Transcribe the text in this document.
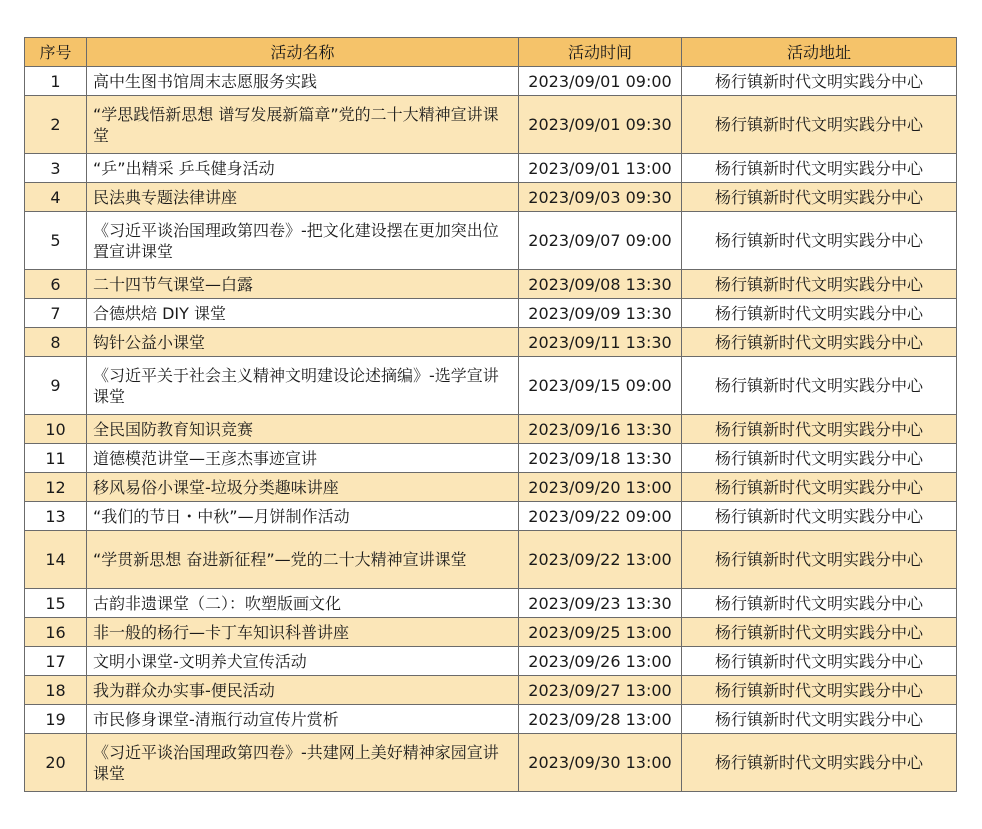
序号	活动名称	活动时间	活动地址
1	高中生图书馆周末志愿服务实践	2023/09/01 09:00	杨行镇新时代文明实践分中心
2	“学思践悟新思想 谱写发展新篇章”党的二十大精神宣讲课堂	2023/09/01 09:30	杨行镇新时代文明实践分中心
3	“乒”出精采 乒乓健身活动	2023/09/01 13:00	杨行镇新时代文明实践分中心
4	民法典专题法律讲座	2023/09/03 09:30	杨行镇新时代文明实践分中心
5	《习近平谈治国理政第四卷》-把文化建设摆在更加突出位置宣讲课堂	2023/09/07 09:00	杨行镇新时代文明实践分中心
6	二十四节气课堂—白露	2023/09/08 13:30	杨行镇新时代文明实践分中心
7	合德烘焙 DIY 课堂	2023/09/09 13:30	杨行镇新时代文明实践分中心
8	钩针公益小课堂	2023/09/11 13:30	杨行镇新时代文明实践分中心
9	《习近平关于社会主义精神文明建设论述摘编》-选学宣讲课堂	2023/09/15 09:00	杨行镇新时代文明实践分中心
10	全民国防教育知识竞赛	2023/09/16 13:30	杨行镇新时代文明实践分中心
11	道德模范讲堂—王彦杰事迹宣讲	2023/09/18 13:30	杨行镇新时代文明实践分中心
12	移风易俗小课堂-垃圾分类趣味讲座	2023/09/20 13:00	杨行镇新时代文明实践分中心
13	“我们的节日・中秋”—月饼制作活动	2023/09/22 09:00	杨行镇新时代文明实践分中心
14	“学贯新思想 奋进新征程”—党的二十大精神宣讲课堂	2023/09/22 13:00	杨行镇新时代文明实践分中心
15	古韵非遗课堂（二）：吹塑版画文化	2023/09/23 13:30	杨行镇新时代文明实践分中心
16	非一般的杨行—卡丁车知识科普讲座	2023/09/25 13:00	杨行镇新时代文明实践分中心
17	文明小课堂-文明养犬宣传活动	2023/09/26 13:00	杨行镇新时代文明实践分中心
18	我为群众办实事-便民活动	2023/09/27 13:00	杨行镇新时代文明实践分中心
19	市民修身课堂-清瓶行动宣传片赏析	2023/09/28 13:00	杨行镇新时代文明实践分中心
20	《习近平谈治国理政第四卷》-共建网上美好精神家园宣讲课堂	2023/09/30 13:00	杨行镇新时代文明实践分中心
